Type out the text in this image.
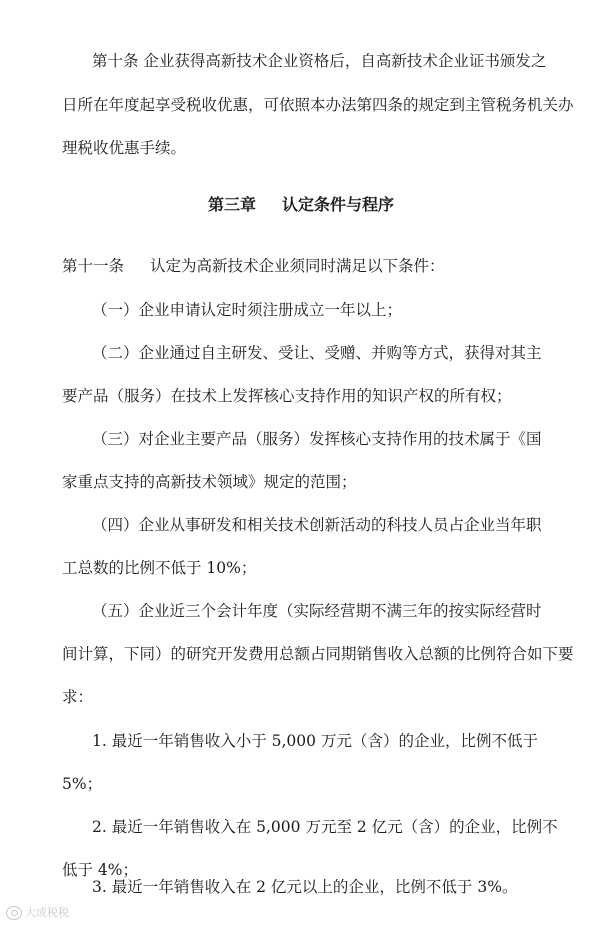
第十条 企业获得高新技术企业资格后，自高新技术企业证书颁发之
日所在年度起享受税收优惠，可依照本办法第四条的规定到主管税务机关办
理税收优惠手续。
第三章 认定条件与程序
第十一条 认定为高新技术企业须同时满足以下条件：
（一）企业申请认定时须注册成立一年以上；
（二）企业通过自主研发、受让、受赠、并购等方式，获得对其主
要产品（服务）在技术上发挥核心支持作用的知识产权的所有权；
（三）对企业主要产品（服务）发挥核心支持作用的技术属于《国
家重点支持的高新技术领域》规定的范围；
（四）企业从事研发和相关技术创新活动的科技人员占企业当年职
工总数的比例不低于 10%；
（五）企业近三个会计年度（实际经营期不满三年的按实际经营时
间计算，下同）的研究开发费用总额占同期销售收入总额的比例符合如下要
求：
1. 最近一年销售收入小于 5,000 万元（含）的企业，比例不低于
5%；
2. 最近一年销售收入在 5,000 万元至 2 亿元（含）的企业，比例不
低于 4%；
3. 最近一年销售收入在 2 亿元以上的企业，比例不低于 3%。
大成税税
